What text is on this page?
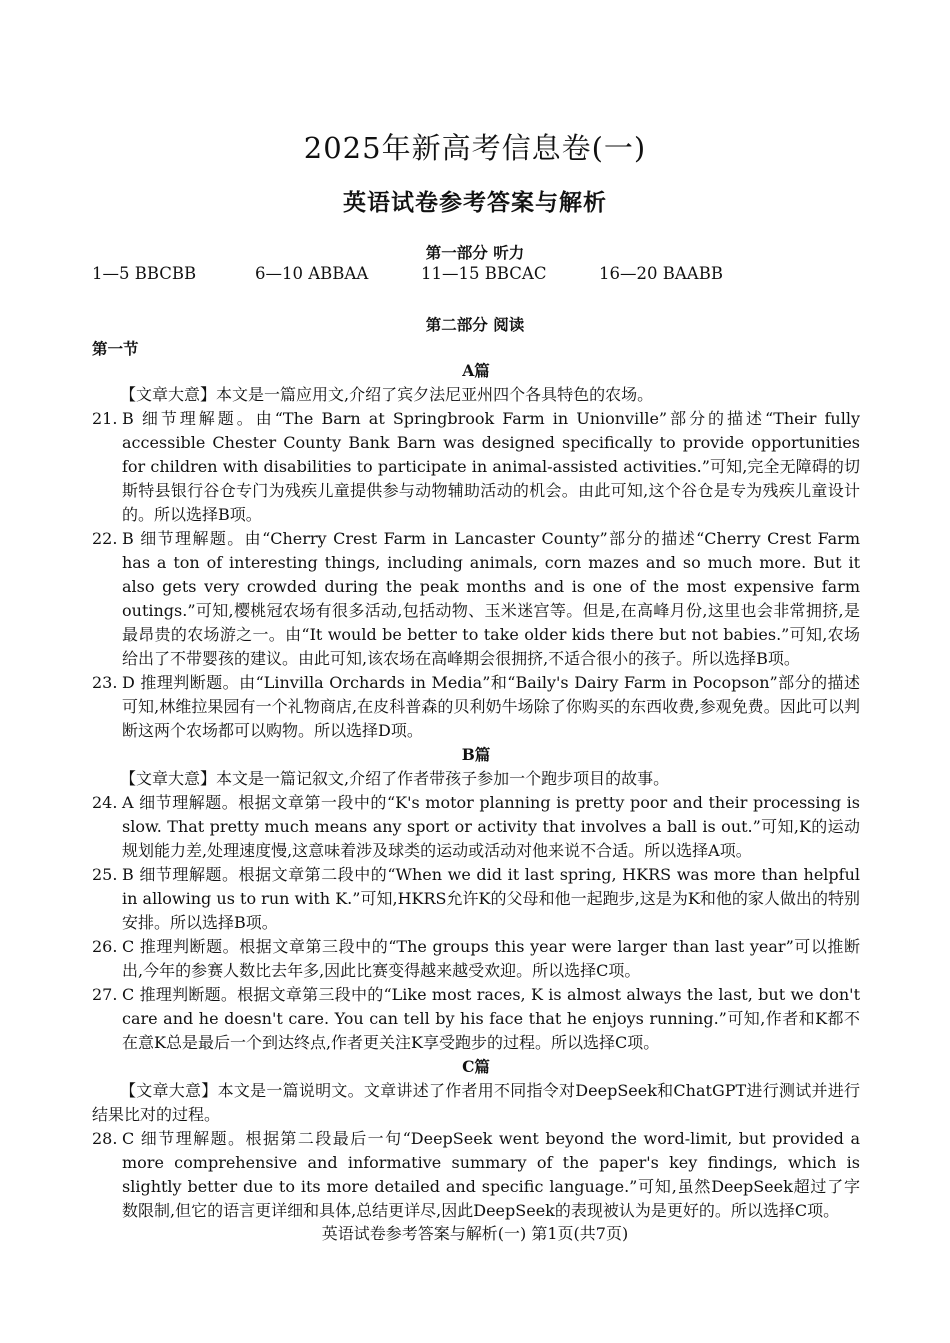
2025年新高考信息卷(一)
英语试卷参考答案与解析
第一部分 听力
1—5 BBCBB	6—10 ABBAA	11—15 BBCAC	16—20 BAABB
第二部分 阅读
第一节

A篇

【文章大意】本文是一篇应用文,介绍了宾夕法尼亚州四个各具特色的农场。

21. B 细节理解题。由“The Barn at Springbrook Farm in Unionville”部分的描述“Their fully accessible Chester County Bank Barn was designed specifically to provide opportunities for children with disabilities to participate in animal-assisted activities.”可知,完全无障碍的切斯特县银行谷仓专门为残疾儿童提供参与动物辅助活动的机会。由此可知,这个谷仓是专为残疾儿童设计的。所以选择B项。
22. B 细节理解题。由“Cherry Crest Farm in Lancaster County”部分的描述“Cherry Crest Farm has a ton of interesting things, including animals, corn mazes and so much more. But it also gets very crowded during the peak months and is one of the most expensive farm outings.”可知,樱桃冠农场有很多活动,包括动物、玉米迷宫等。但是,在高峰月份,这里也会非常拥挤,是最昂贵的农场游之一。由“It would be better to take older kids there but not babies.”可知,农场给出了不带婴孩的建议。由此可知,该农场在高峰期会很拥挤,不适合很小的孩子。所以选择B项。
23. D 推理判断题。由“Linvilla Orchards in Media”和“Baily's Dairy Farm in Pocopson”部分的描述可知,林维拉果园有一个礼物商店,在皮科普森的贝利奶牛场除了你购买的东西收费,参观免费。因此可以判断这两个农场都可以购物。所以选择D项。

B篇

【文章大意】本文是一篇记叙文,介绍了作者带孩子参加一个跑步项目的故事。

24. A 细节理解题。根据文章第一段中的“K's motor planning is pretty poor and their processing is slow. That pretty much means any sport or activity that involves a ball is out.”可知,K的运动规划能力差,处理速度慢,这意味着涉及球类的运动或活动对他来说不合适。所以选择A项。
25. B 细节理解题。根据文章第二段中的“When we did it last spring, HKRS was more than helpful in allowing us to run with K.”可知,HKRS允许K的父母和他一起跑步,这是为K和他的家人做出的特别安排。所以选择B项。
26. C 推理判断题。根据文章第三段中的“The groups this year were larger than last year”可以推断出,今年的参赛人数比去年多,因此比赛变得越来越受欢迎。所以选择C项。
27. C 推理判断题。根据文章第三段中的“Like most races, K is almost always the last, but we don't care and he doesn't care. You can tell by his face that he enjoys running.”可知,作者和K都不在意K总是最后一个到达终点,作者更关注K享受跑步的过程。所以选择C项。

C篇

【文章大意】本文是一篇说明文。文章讲述了作者用不同指令对DeepSeek和ChatGPT进行测试并进行结果比对的过程。

28. C 细节理解题。根据第二段最后一句“DeepSeek went beyond the word-limit, but provided a more comprehensive and informative summary of the paper's key findings, which is slightly better due to its more detailed and specific language.”可知,虽然DeepSeek超过了字数限制,但它的语言更详细和具体,总结更详尽,因此DeepSeek的表现被认为是更好的。所以选择C项。
英语试卷参考答案与解析(一) 第1页(共7页)
